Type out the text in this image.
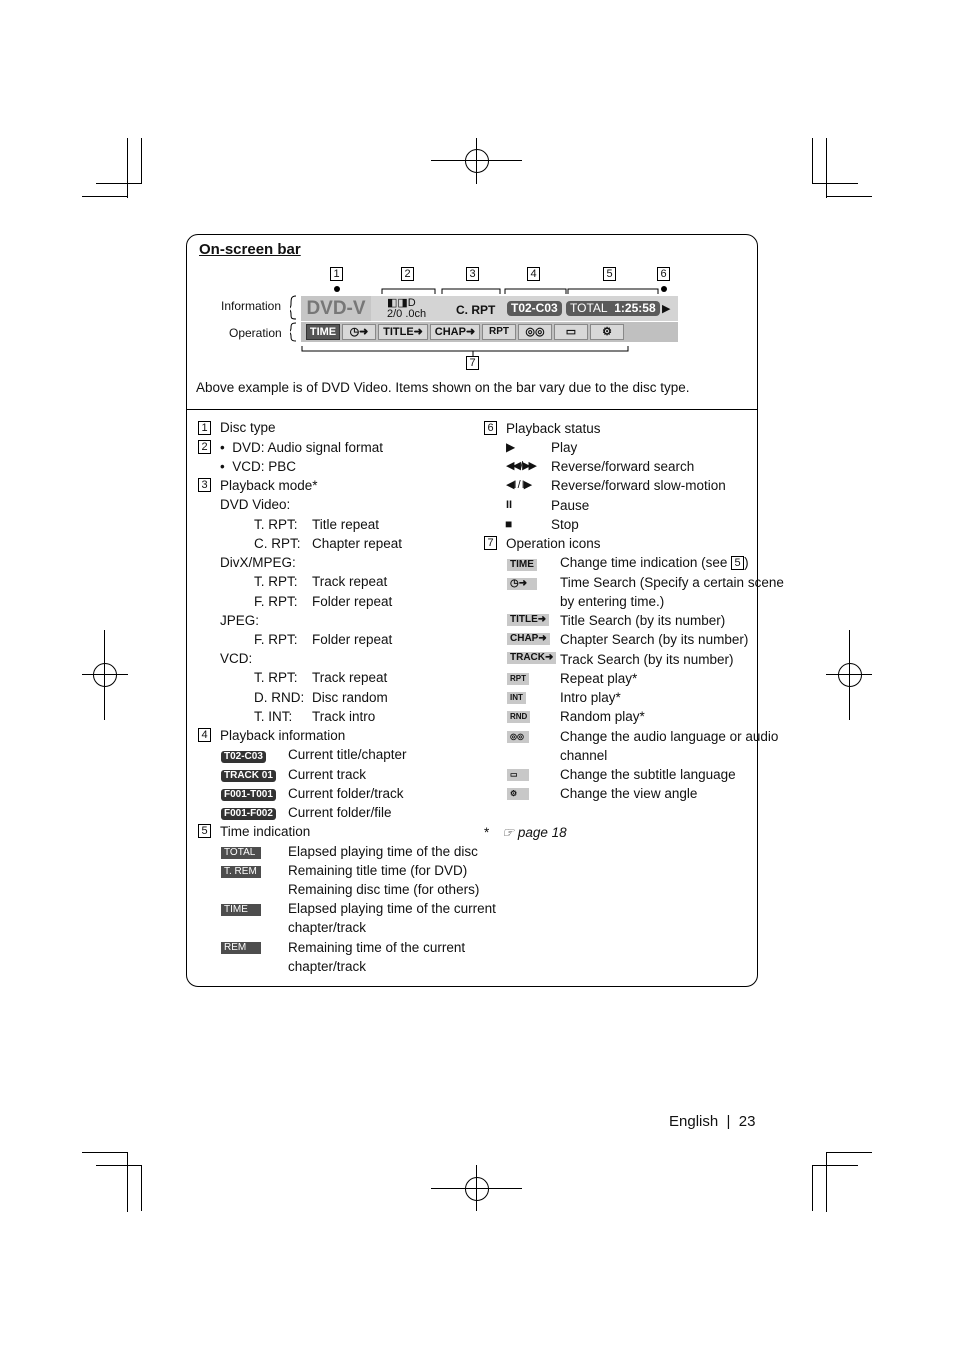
On-screen bar
1	2	3	4	5	6
7
Information
Operation
DVD-V	◧◨D
2/0 .0ch C. RPT	T02-C03	TOTAL 1:25:58 ▶
TIME	◷➜	TITLE➜	CHAP➜	RPT	◎◎	▭	⚙
Above example is of DVD Video. Items shown on the bar vary due to the disc type.
1 Disc type
2 •  DVD: Audio signal format
•  VCD: PBC
3 Playback mode*
DVD Video:
T. RPT: Title repeat
C. RPT: Chapter repeat
DivX/MPEG:
T. RPT: Track repeat
F. RPT: Folder repeat
JPEG:
F. RPT: Folder repeat
VCD:
T. RPT: Track repeat
D. RND: Disc random
T. INT: Track intro
4 Playback information
T02-C03 Current title/chapter
TRACK 01 Current track
F001-T001 Current folder/track
F001-F002 Current folder/file
5 Time indication
TOTAL	Elapsed playing time of the disc
T. REM	Remaining title time (for DVD)
Remaining disc time (for others)
TIME	Elapsed playing time of the current
chapter/track
REM	Remaining time of the current
chapter/track
6 Playback status
▶	Play
◀◀ / ▶▶ Reverse/forward search
◀I / I▶ Reverse/forward slow-motion
II	Pause
■	Stop
7 Operation icons
TIME Change time indication (see 5 )
◷➜	Time Search (Specify a certain scene
by entering time.)
TITLE➜ Title Search (by its number)
CHAP➜ Chapter Search (by its number)
TRACK➜ Track Search (by its number)
RPT	Repeat play*
INT	Intro play*
RND Random play*
◎◎	Change the audio language or audio
channel
▭	Change the subtitle language
⚙	Change the view angle
* ☞ page 18
English | 23
